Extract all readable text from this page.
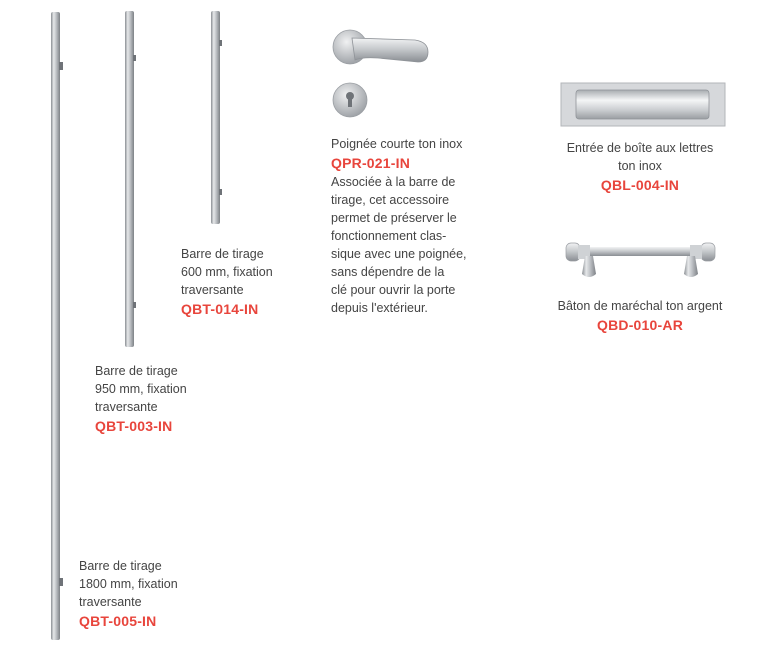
Barre de tirage
1800 mm, fixation
traversante
QBT-005-IN
Barre de tirage
950 mm, fixation
traversante
QBT-003-IN
Barre de tirage
600 mm, fixation
traversante
QBT-014-IN
Poignée courte ton inox
QPR-021-IN
Associée à la barre de
tirage, cet accessoire
permet de préserver le
fonctionnement clas-
sique avec une poignée,
sans dépendre de la
clé pour ouvrir la porte
depuis l'extérieur.
Entrée de boîte aux lettres
ton inox
QBL-004-IN
Bâton de maréchal ton argent
QBD-010-AR
